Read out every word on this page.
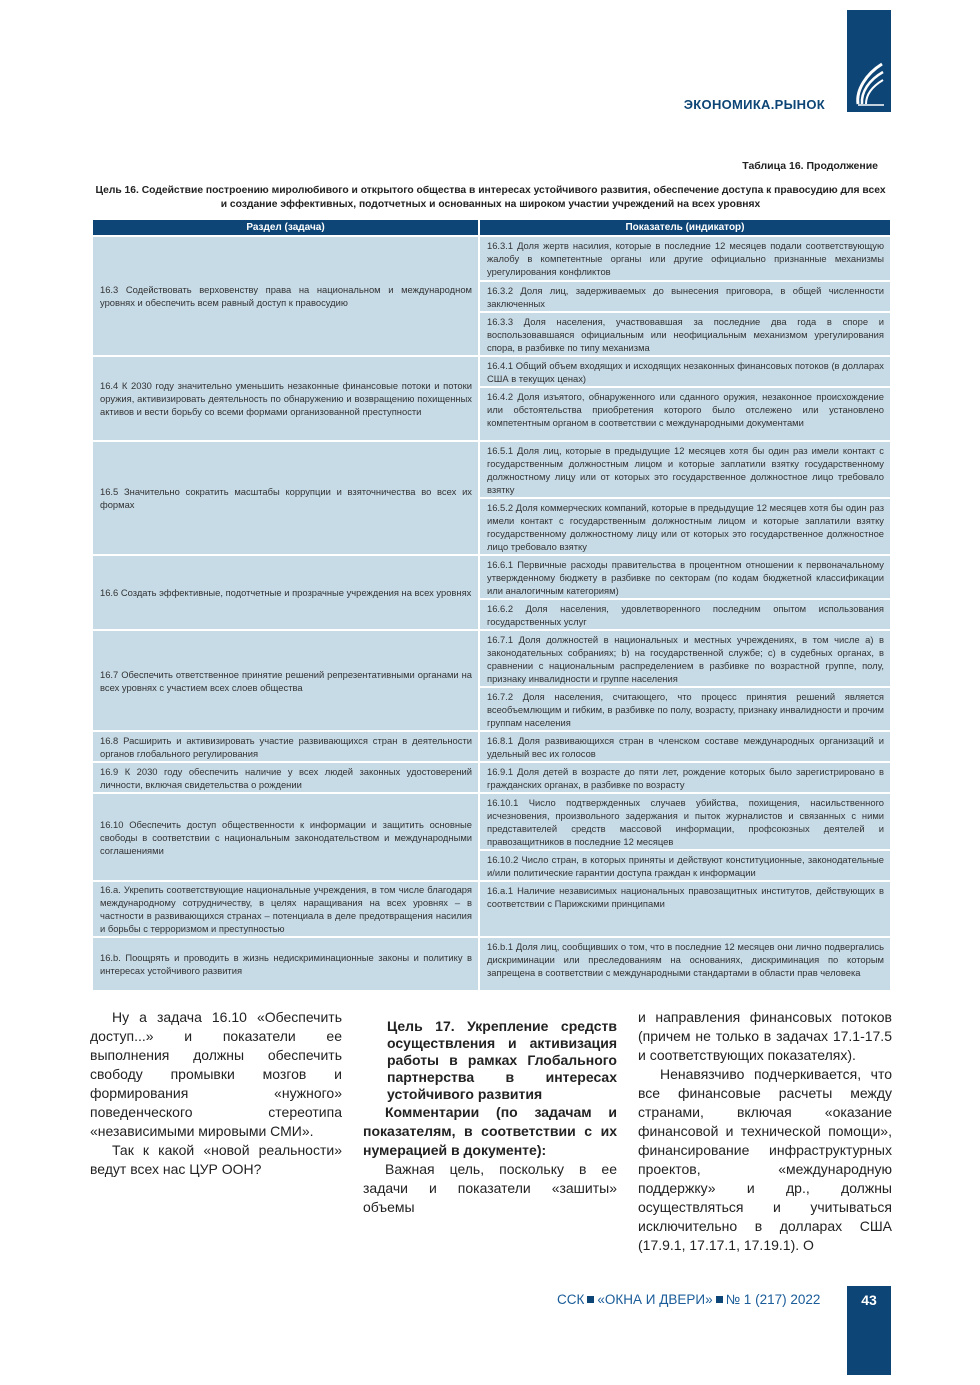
ЭКОНОМИКА.РЫНОК
Таблица 16. Продолжение
Цель 16. Содействие построению миролюбивого и открытого общества в интересах устойчивого развития, обеспечение доступа к правосудию для всех и создание эффективных, подотчетных и основанных на широком участии учреждений на всех уровнях
Раздел (задача)	Показатель (индикатор)
16.3 Содействовать верховенству права на национальном и международном уровнях и обеспечить всем равный доступ к правосудию	16.3.1 Доля жертв насилия, которые в последние 12 месяцев подали соответствующую жалобу в компетентные органы или другие официально признанные механизмы урегулирования конфликтов
	16.3.2 Доля лиц, задерживаемых до вынесения приговора, в общей численности заключенных
	16.3.3 Доля населения, участвовавшая за последние два года в споре и воспользовавшаяся официальным или неофициальным механизмом урегулирования спора, в разбивке по типу механизма
16.4 К 2030 году значительно уменьшить незаконные финансовые потоки и потоки оружия, активизировать деятельность по обнаружению и возвращению похищенных активов и вести борьбу со всеми формами организованной преступности	16.4.1 Общий объем входящих и исходящих незаконных финансовых потоков (в долларах США в текущих ценах)
	16.4.2 Доля изъятого, обнаруженного или сданного оружия, незаконное происхождение или обстоятельства приобретения которого было отслежено или установлено компетентным органом в соответствии с международными документами
16.5 Значительно сократить масштабы коррупции и взяточничества во всех их формах	16.5.1 Доля лиц, которые в предыдущие 12 месяцев хотя бы один раз имели контакт с государственным должностным лицом и которые заплатили взятку государственному должностному лицу или от которых это государственное должностное лицо требовало взятку
	16.5.2 Доля коммерческих компаний, которые в предыдущие 12 месяцев хотя бы один раз имели контакт с государственным должностным лицом и которые заплатили взятку государственному должностному лицу или от которых это государственное должностное лицо требовало взятку
16.6 Создать эффективные, подотчетные и прозрачные учреждения на всех уровнях	16.6.1 Первичные расходы правительства в процентном отношении к первоначальному утвержденному бюджету в разбивке по секторам (по кодам бюджетной классификации или аналогичным категориям)
	16.6.2 Доля населения, удовлетворенного последним опытом использования государственных услуг
16.7 Обеспечить ответственное принятие решений репрезентативными органами на всех уровнях с участием всех слоев общества	16.7.1 Доля должностей в национальных и местных учреждениях, в том числе a) в законодательных собраниях; b) на государственной службе; c) в судебных органах, в сравнении с национальным распределением в разбивке по возрастной группе, полу, признаку инвалидности и группе населения
	16.7.2 Доля населения, считающего, что процесс принятия решений является всеобъемлющим и гибким, в разбивке по полу, возрасту, признаку инвалидности и прочим группам населения
16.8 Расширить и активизировать участие развивающихся стран в деятельности органов глобального регулирования	16.8.1 Доля развивающихся стран в членском составе международных организаций и удельный вес их голосов
16.9 К 2030 году обеспечить наличие у всех людей законных удостоверений личности, включая свидетельства о рождении	16.9.1 Доля детей в возрасте до пяти лет, рождение которых было зарегистрировано в гражданских органах, в разбивке по возрасту
16.10 Обеспечить доступ общественности к информации и защитить основные свободы в соответствии с национальным законодательством и международными соглашениями	16.10.1 Число подтвержденных случаев убийства, похищения, насильственного исчезновения, произвольного задержания и пыток журналистов и связанных с ними представителей средств массовой информации, профсоюзных деятелей и правозащитников в последние 12 месяцев
	16.10.2 Число стран, в которых приняты и действуют конституционные, законодательные и/или политические гарантии доступа граждан к информации
16.a. Укрепить соответствующие национальные учреждения, в том числе благодаря международному сотрудничеству, в целях наращивания на всех уровнях – в частности в развивающихся странах – потенциала в деле предотвращения насилия и борьбы с терроризмом и преступностью	16.a.1 Наличие независимых национальных правозащитных институтов, действующих в соответствии с Парижскими принципами
16.b. Поощрять и проводить в жизнь недискриминационные законы и политику в интересах устойчивого развития	16.b.1 Доля лиц, сообщивших о том, что в последние 12 месяцев они лично подвергались дискриминации или преследованиям на основаниях, дискриминация по которым запрещена в соответствии с международными стандартами в области прав человека

Ну а задача 16.10 «Обеспечить доступ...» и показатели ее выполнения должны обеспечить свободу промывки мозгов и формирования «нужного» поведенческого стереотипа «независимыми мировыми СМИ».

Так к какой «новой реальности» ведут всех нас ЦУР ООН?

Цель 17. Укрепление средств осуществления и активизация работы в рамках Глобального партнерства в интересах устойчивого развития

Комментарии (по задачам и показателям, в соответствии с их нумерацией в документе):

Важная цель, поскольку в ее задачи и показатели «зашиты» объемы

и направления финансовых потоков (причем не только в задачах 17.1-17.5 и соответствующих показателях).

Ненавязчиво подчеркивается, что все финансовые расчеты между странами, включая «оказание финансовой и технической помощи», финансирование инфраструктурных проектов, «международную поддержку» и др., должны осуществляться и учитываться исключительно в долларах США (17.9.1, 17.17.1, 17.19.1). О

ССК «ОКНА И ДВЕРИ» № 1 (217) 2022	43
